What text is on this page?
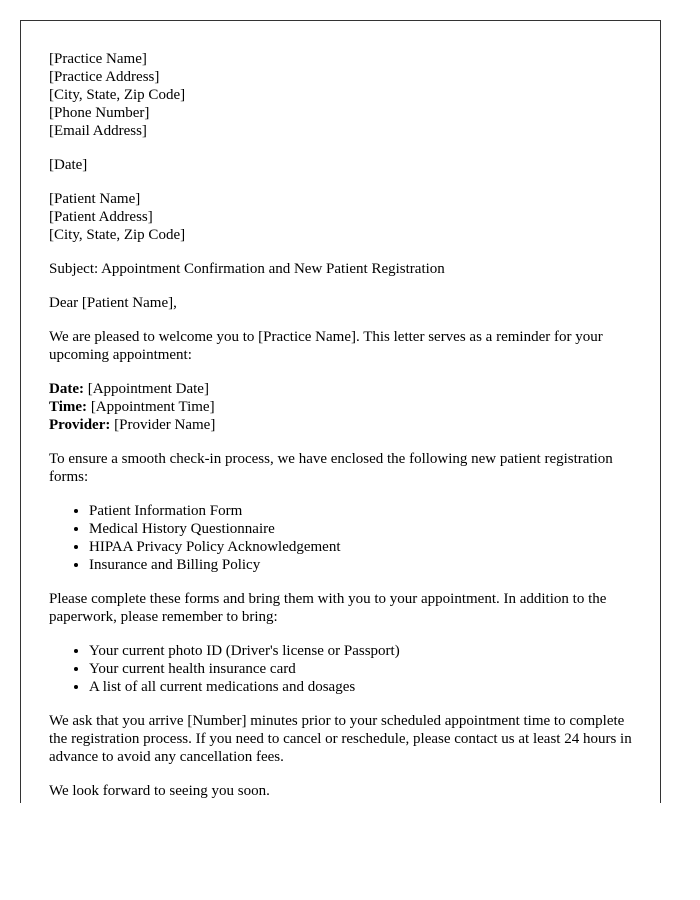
[Practice Name]
[Practice Address]
[City, State, Zip Code]
[Phone Number]
[Email Address]

[Date]

[Patient Name]
[Patient Address]
[City, State, Zip Code]

Subject: Appointment Confirmation and New Patient Registration

Dear [Patient Name],

We are pleased to welcome you to [Practice Name]. This letter serves as a reminder for your upcoming appointment:

Date: [Appointment Date]
Time: [Appointment Time]
Provider: [Provider Name]

To ensure a smooth check-in process, we have enclosed the following new patient registration forms:

• Patient Information Form
• Medical History Questionnaire
• HIPAA Privacy Policy Acknowledgement
• Insurance and Billing Policy

Please complete these forms and bring them with you to your appointment. In addition to the paperwork, please remember to bring:

• Your current photo ID (Driver's license or Passport)
• Your current health insurance card
• A list of all current medications and dosages

We ask that you arrive [Number] minutes prior to your scheduled appointment time to complete the registration process. If you need to cancel or reschedule, please contact us at least 24 hours in advance to avoid any cancellation fees.

We look forward to seeing you soon.
